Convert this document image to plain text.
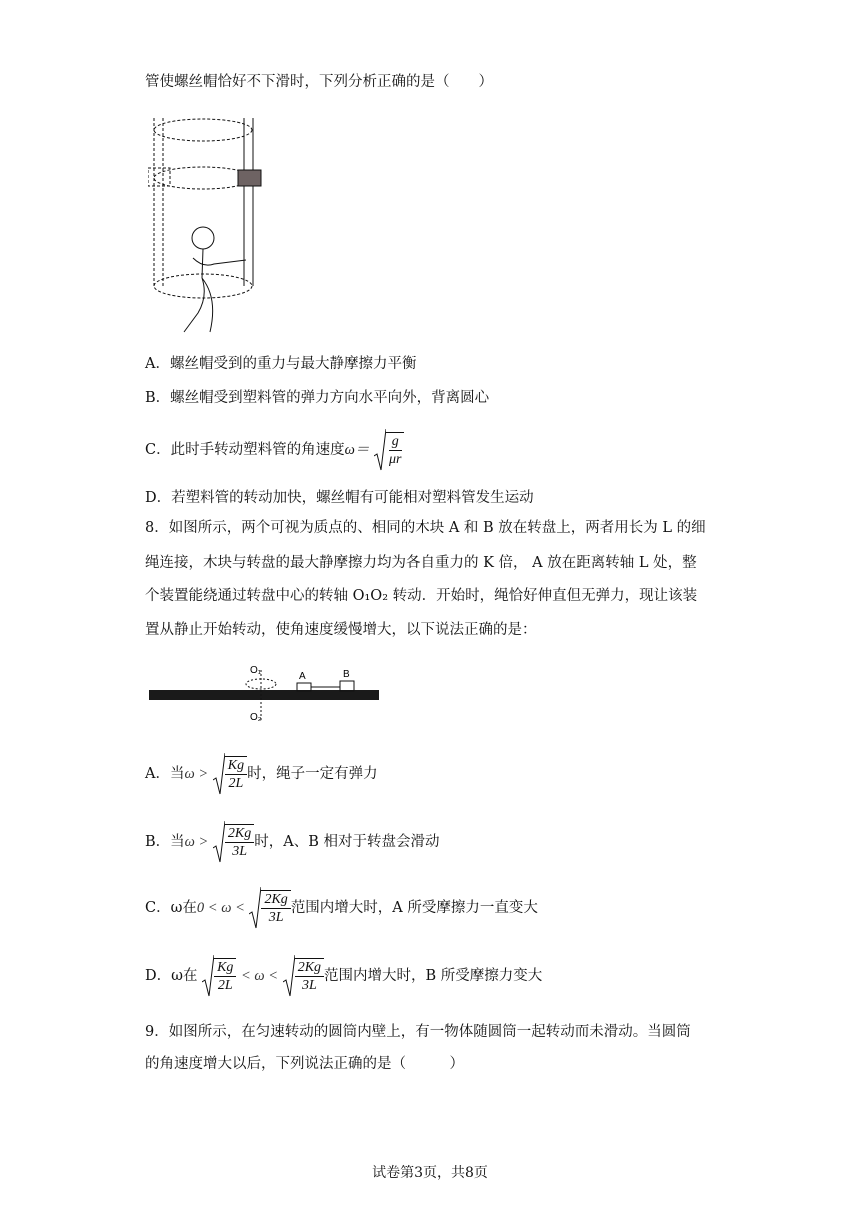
管使螺丝帽恰好不下滑时，下列分析正确的是（　　）
A．螺丝帽受到的重力与最大静摩擦力平衡
B．螺丝帽受到塑料管的弹力方向水平向外，背离圆心
C．此时手转动塑料管的角速度$\omega= \frac{g}{\mu r}$
D．若塑料管的转动加快，螺丝帽有可能相对塑料管发生运动
8．如图所示，两个可视为质点的、相同的木块 A 和 B 放在转盘上，两者用长为 L 的细
绳连接，木块与转盘的最大静摩擦力均为各自重力的 K 倍， A 放在距离转轴 L 处，整
个装置能绕通过转盘中心的转轴 O₁O₂ 转动．开始时，绳恰好伸直但无弹力，现让该装
置从静止开始转动，使角速度缓慢增大，以下说法正确的是：
O₁
O₂
A	B
A．当$\omega > \frac{Kg}{2L}$ 时，绳子一定有弹力
B．当$\omega > \frac{2Kg}{3L}$ 时，A、B 相对于转盘会滑动
C．ω在$0 < \omega < \frac{2Kg}{3L}$ 范围内增大时，A 所受摩擦力一直变大
D．ω在 $\frac{Kg}{2L} < \omega < \frac{2Kg}{3L}$ 范围内增大时，B 所受摩擦力变大
9．如图所示，在匀速转动的圆筒内壁上，有一物体随圆筒一起转动而未滑动。当圆筒
的角速度增大以后，下列说法正确的是（　　　）
试卷第3页，共8页
